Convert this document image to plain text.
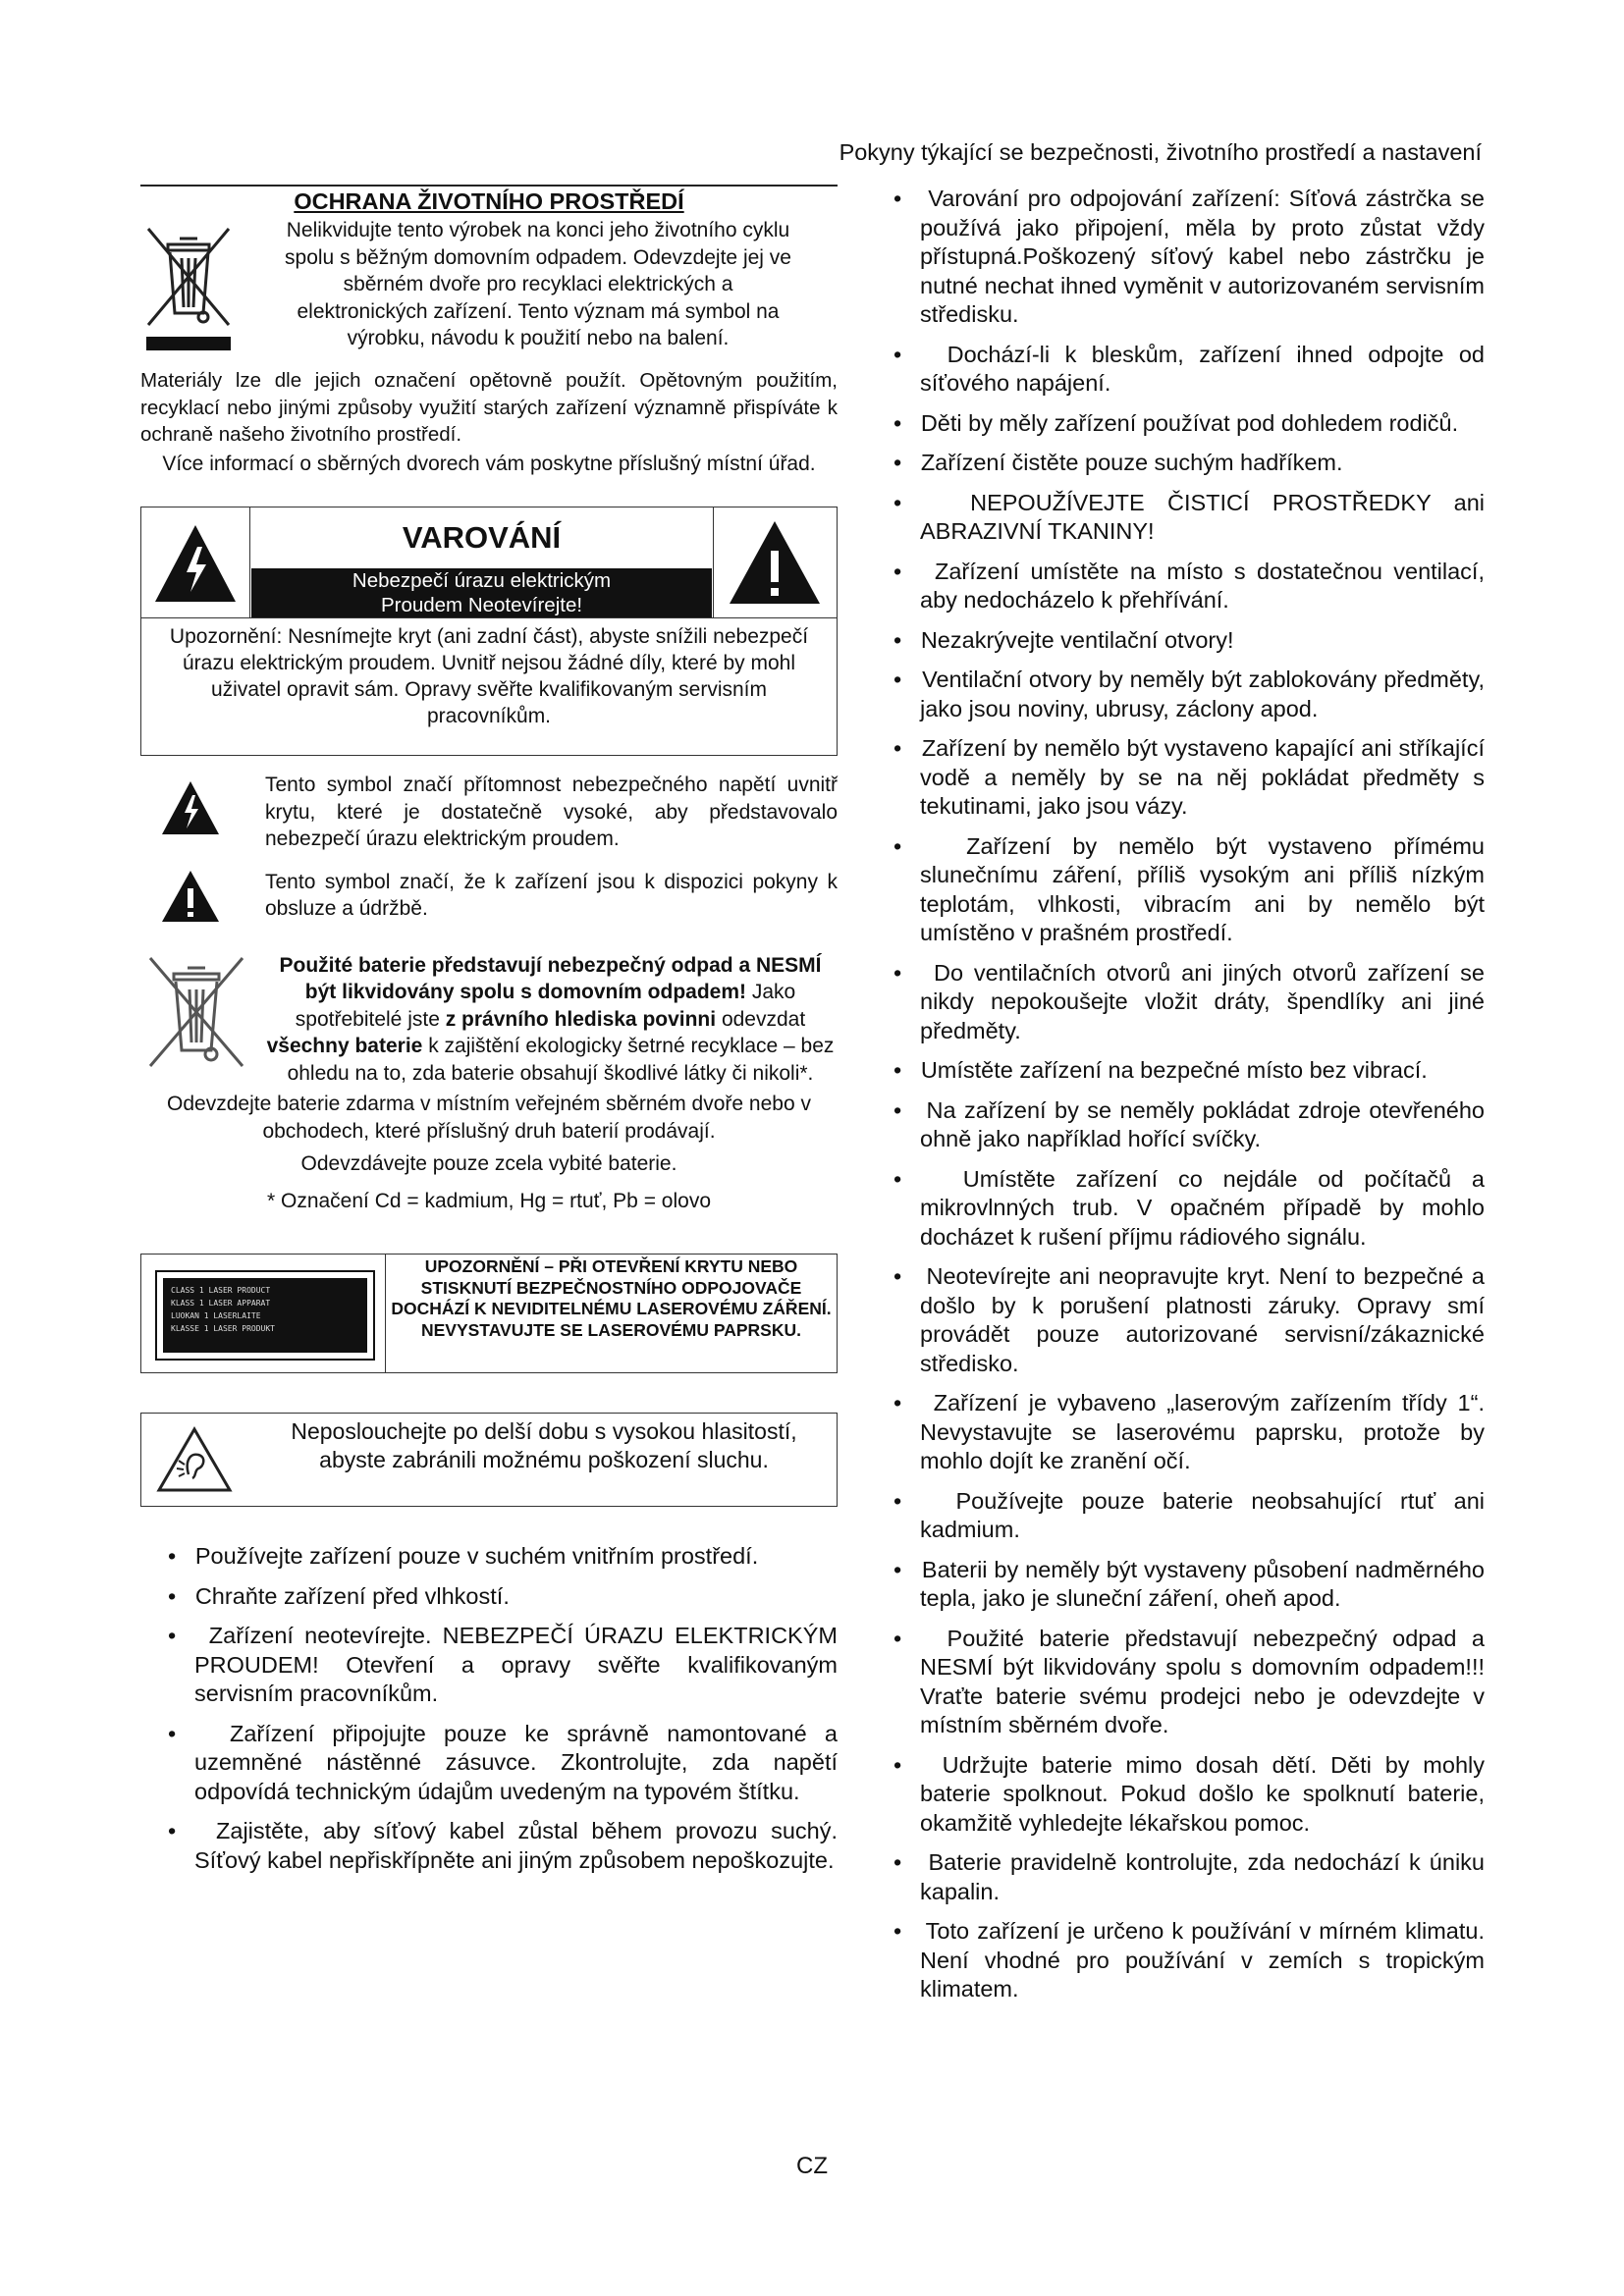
Pokyny týkající se bezpečnosti, životního prostředí a nastavení
OCHRANA ŽIVOTNÍHO PROSTŘEDÍ
Nelikvidujte tento výrobek na konci jeho životního cyklu
spolu s běžným domovním odpadem. Odevzdejte jej ve
sběrném dvoře pro recyklaci elektrických a
elektronických zařízení. Tento význam má symbol na
výrobku, návodu k použití nebo na balení.
Materiály lze dle jejich označení opětovně použít. Opětovným použitím, recyklací nebo jinými způsoby využití starých zařízení významně přispíváte k ochraně našeho životního prostředí.
Více informací o sběrných dvorech vám poskytne příslušný místní úřad.
VAROVÁNÍ
Nebezpečí úrazu elektrickým
Proudem Neotevírejte!
Upozornění: Nesnímejte kryt (ani zadní část), abyste snížili nebezpečí úrazu elektrickým proudem. Uvnitř nejsou žádné díly, které by mohl uživatel opravit sám. Opravy svěřte kvalifikovaným servisním pracovníkům.
Tento symbol značí přítomnost nebezpečného napětí uvnitř krytu, které je dostatečně vysoké, aby představovalo nebezpečí úrazu elektrickým proudem.
Tento symbol značí, že k zařízení jsou k dispozici pokyny k obsluze a údržbě.
Použité baterie představují nebezpečný odpad a NESMÍ být likvidovány spolu s domovním odpadem! Jako spotřebitelé jste z právního hlediska povinni odevzdat všechny baterie k zajištění ekologicky šetrné recyklace – bez ohledu na to, zda baterie obsahují škodlivé látky či nikoli*.
Odevzdejte baterie zdarma v místním veřejném sběrném dvoře nebo v obchodech, které příslušný druh baterií prodávají.
Odevzdávejte pouze zcela vybité baterie.
* Označení Cd = kadmium, Hg = rtuť, Pb = olovo
CLASS 1 LASER PRODUCT
KLASS 1 LASER APPARAT
LUOKAN 1 LASERLAITE
KLASSE 1 LASER PRODUKT
UPOZORNĚNÍ – PŘI OTEVŘENÍ KRYTU NEBO STISKNUTÍ BEZPEČNOSTNÍHO ODPOJOVAČE DOCHÁZÍ K NEVIDITELNÉMU LASEROVÉMU ZÁŘENÍ. NEVYSTAVUJTE SE LASEROVÉMU PAPRSKU.
Neposlouchejte po delší dobu s vysokou hlasitostí, abyste zabránili možnému poškození sluchu.
•   Používejte zařízení pouze v suchém vnitřním prostředí.
•   Chraňte zařízení před vlhkostí.
•   Zařízení neotevírejte. NEBEZPEČÍ ÚRAZU ELEKTRICKÝM PROUDEM! Otevření a opravy svěřte kvalifikovaným servisním pracovníkům.
•   Zařízení připojujte pouze ke správně namontované a uzemněné nástěnné zásuvce. Zkontrolujte, zda napětí odpovídá technickým údajům uvedeným na typovém štítku.
•   Zajistěte, aby síťový kabel zůstal během provozu suchý. Síťový kabel nepřiskřípněte ani jiným způsobem nepoškozujte.
•   Varování pro odpojování zařízení: Síťová zástrčka se používá jako připojení, měla by proto zůstat vždy přístupná.Poškozený síťový kabel nebo zástrčku je nutné nechat ihned vyměnit v autorizovaném servisním středisku.
•   Dochází-li k bleskům, zařízení ihned odpojte od síťového napájení.
•   Děti by měly zařízení používat pod dohledem rodičů.
•   Zařízení čistěte pouze suchým hadříkem.
•   NEPOUŽÍVEJTE ČISTICÍ PROSTŘEDKY ani ABRAZIVNÍ TKANINY!
•   Zařízení umístěte na místo s dostatečnou ventilací, aby nedocházelo k přehřívání.
•   Nezakrývejte ventilační otvory!
•   Ventilační otvory by neměly být zablokovány předměty, jako jsou noviny, ubrusy, záclony apod.
•   Zařízení by nemělo být vystaveno kapající ani stříkající vodě a neměly by se na něj pokládat předměty s tekutinami, jako jsou vázy.
•   Zařízení by nemělo být vystaveno přímému slunečnímu záření, příliš vysokým ani příliš nízkým teplotám, vlhkosti, vibracím ani by nemělo být umístěno v prašném prostředí.
•   Do ventilačních otvorů ani jiných otvorů zařízení se nikdy nepokoušejte vložit dráty, špendlíky ani jiné předměty.
•   Umístěte zařízení na bezpečné místo bez vibrací.
•   Na zařízení by se neměly pokládat zdroje otevřeného ohně jako například hořící svíčky.
•   Umístěte zařízení co nejdále od počítačů a mikrovlnných trub. V opačném případě by mohlo docházet k rušení příjmu rádiového signálu.
•   Neotevírejte ani neopravujte kryt. Není to bezpečné a došlo by k porušení platnosti záruky. Opravy smí provádět pouze autorizované servisní/zákaznické středisko.
•   Zařízení je vybaveno „laserovým zařízením třídy 1“. Nevystavujte se laserovému paprsku, protože by mohlo dojít ke zranění očí.
•   Používejte pouze baterie neobsahující rtuť ani kadmium.
•   Baterii by neměly být vystaveny působení nadměrného tepla, jako je sluneční záření, oheň apod.
•   Použité baterie představují nebezpečný odpad a NESMÍ být likvidovány spolu s domovním odpadem!!! Vraťte baterie svému prodejci nebo je odevzdejte v místním sběrném dvoře.
•   Udržujte baterie mimo dosah dětí. Děti by mohly baterie spolknout. Pokud došlo ke spolknutí baterie, okamžitě vyhledejte lékařskou pomoc.
•   Baterie pravidelně kontrolujte, zda nedochází k úniku kapalin.
•   Toto zařízení je určeno k používání v mírném klimatu. Není vhodné pro používání v zemích s tropickým klimatem.
CZ
